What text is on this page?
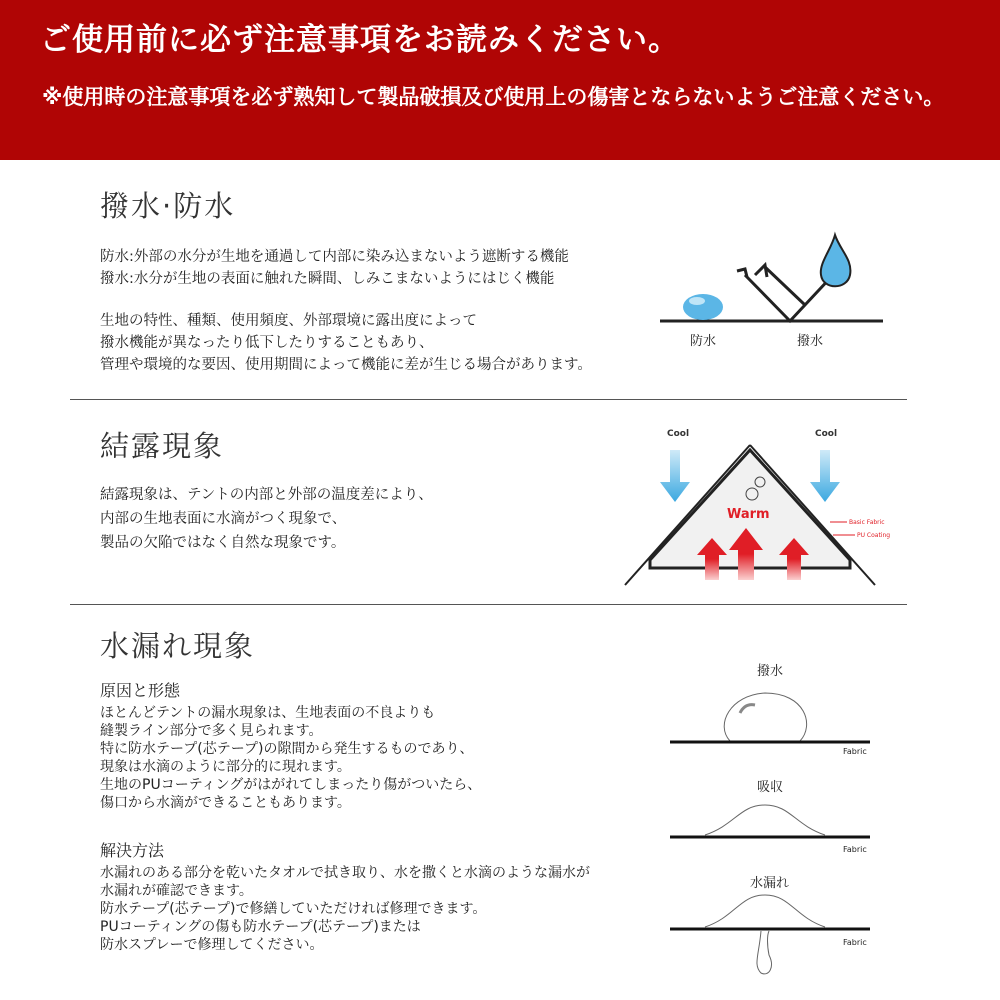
ご使用前に必ず注意事項をお読みください。
※使用時の注意事項を必ず熟知して製品破損及び使用上の傷害とならないようご注意ください。
撥水·防水
防水:外部の水分が生地を通過して内部に染み込まないよう遮断する機能
撥水:水分が生地の表面に触れた瞬間、しみこまないようにはじく機能
生地の特性、種類、使用頻度、外部環境に露出度によって
撥水機能が異なったり低下したりすることもあり、
管理や環境的な要因、使用期間によって機能に差が生じる場合があります。
防水	撥水
結露現象
結露現象は、テントの内部と外部の温度差により、
内部の生地表面に水滴がつく現象で、
製品の欠陥ではなく自然な現象です。
Cool	Cool
Warm
Basic Fabric
PU Coating
水漏れ現象
原因と形態
ほとんどテントの漏水現象は、生地表面の不良よりも
縫製ライン部分で多く見られます。
特に防水テープ(芯テープ)の隙間から発生するものであり、
現象は水滴のように部分的に現れます。
生地のPUコーティングがはがれてしまったり傷がついたら、
傷口から水滴ができることもあります。
解決方法
水漏れのある部分を乾いたタオルで拭き取り、水を撒くと水滴のような漏水が
水漏れが確認できます。
防水テープ(芯テープ)で修繕していただければ修理できます。
PUコーティングの傷も防水テープ(芯テープ)または
防水スプレーで修理してください。
撥水
Fabric
吸収
Fabric
水漏れ
Fabric
